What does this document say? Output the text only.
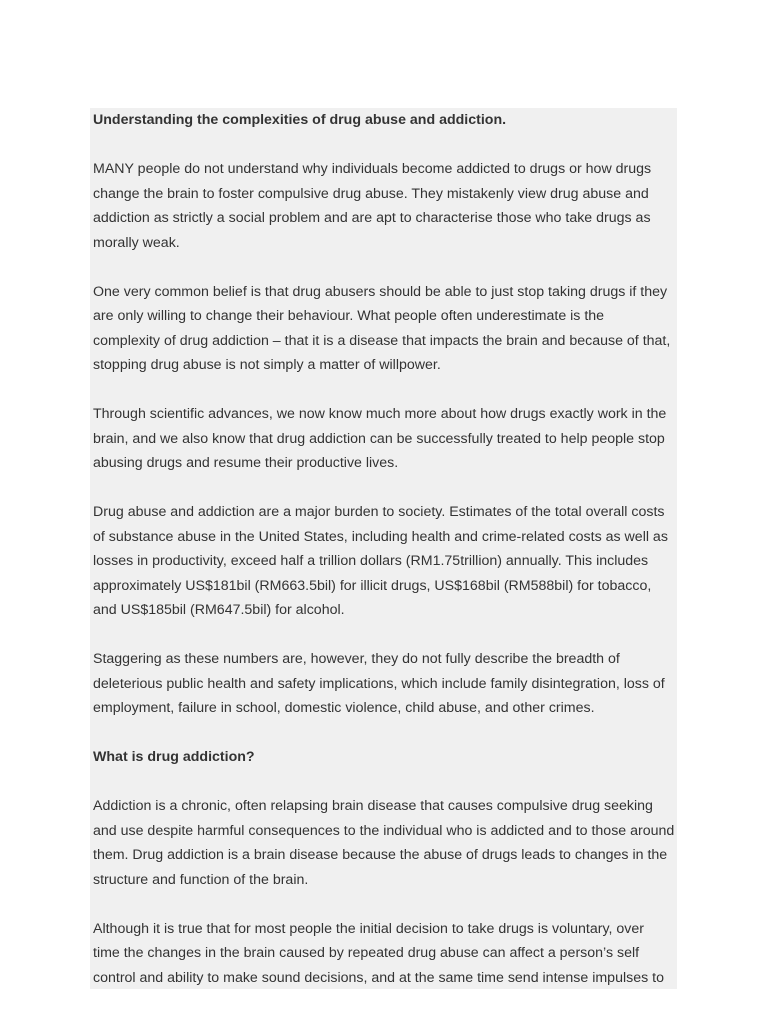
Understanding the complexities of drug abuse and addiction.
MANY people do not understand why individuals become addicted to drugs or how drugs
change the brain to foster compulsive drug abuse. They mistakenly view drug abuse and
addiction as strictly a social problem and are apt to characterise those who take drugs as
morally weak.
One very common belief is that drug abusers should be able to just stop taking drugs if they
are only willing to change their behaviour. What people often underestimate is the
complexity of drug addiction – that it is a disease that impacts the brain and because of that,
stopping drug abuse is not simply a matter of willpower.
Through scientific advances, we now know much more about how drugs exactly work in the
brain, and we also know that drug addiction can be successfully treated to help people stop
abusing drugs and resume their productive lives.
Drug abuse and addiction are a major burden to society. Estimates of the total overall costs
of substance abuse in the United States, including health and crime-related costs as well as
losses in productivity, exceed half a trillion dollars (RM1.75trillion) annually. This includes
approximately US$181bil (RM663.5bil) for illicit drugs, US$168bil (RM588bil) for tobacco,
and US$185bil (RM647.5bil) for alcohol.
Staggering as these numbers are, however, they do not fully describe the breadth of
deleterious public health and safety implications, which include family disintegration, loss of
employment, failure in school, domestic violence, child abuse, and other crimes.
What is drug addiction?
Addiction is a chronic, often relapsing brain disease that causes compulsive drug seeking
and use despite harmful consequences to the individual who is addicted and to those around
them. Drug addiction is a brain disease because the abuse of drugs leads to changes in the
structure and function of the brain.
Although it is true that for most people the initial decision to take drugs is voluntary, over
time the changes in the brain caused by repeated drug abuse can affect a person’s self
control and ability to make sound decisions, and at the same time send intense impulses to
